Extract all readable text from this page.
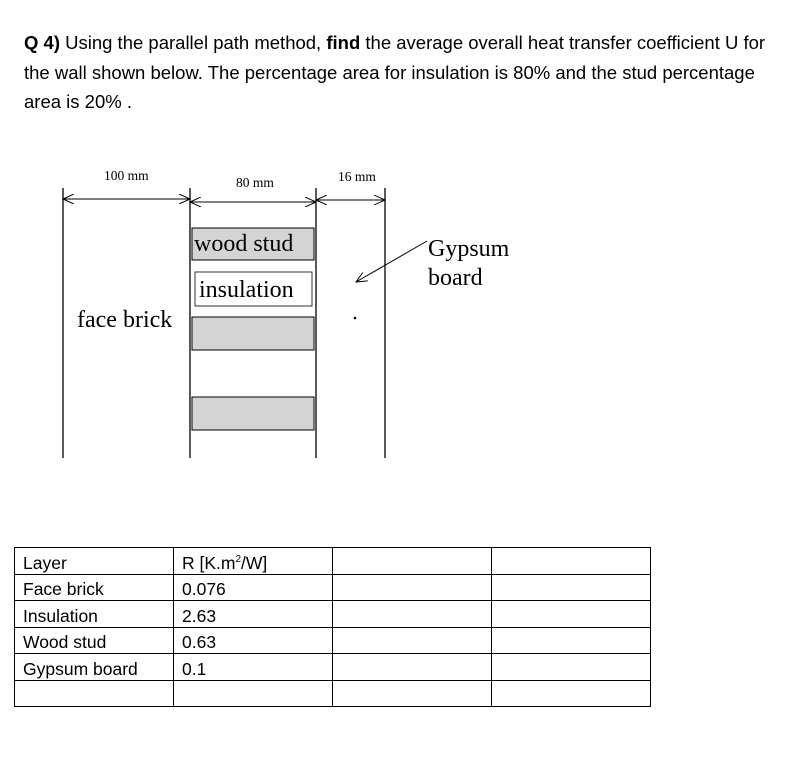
Q 4) Using the parallel path method, find the average overall heat transfer coefficient U for the wall shown below. The percentage area for insulation is 80% and the stud percentage area is 20% .

100 mm	80 mm	16 mm
wood stud
insulation
face brick
Gypsum
board
Layer	R $[K.m^2/W]$		
Face brick	0.076		
Insulation	2.63		
Wood stud	0.63		
Gypsum board	0.1		
